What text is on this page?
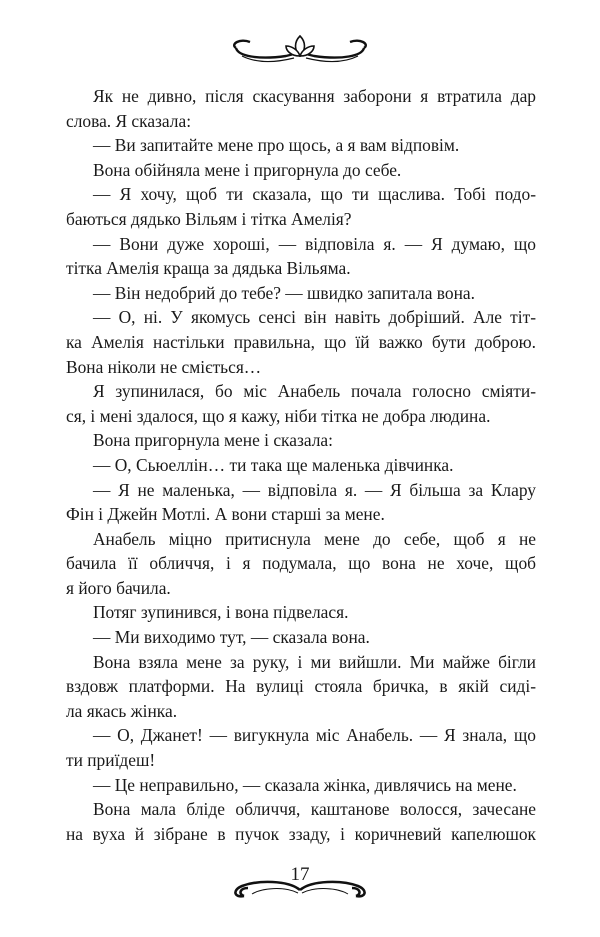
Як не дивно, після скасування заборони я втратила дар
слова. Я сказала:
— Ви запитайте мене про щось, а я вам відповім.
Вона обійняла мене і пригорнула до себе.
— Я хочу, щоб ти сказала, що ти щаслива. Тобі подо-
баються дядько Вільям і тітка Амелія?
— Вони дуже хороші, — відповіла я. — Я думаю, що
тітка Амелія краща за дядька Вільяма.
— Він недобрий до тебе? — швидко запитала вона.
— О, ні. У якомусь сенсі він навіть добріший. Але тіт-
ка Амелія настільки правильна, що їй важко бути доброю.
Вона ніколи не сміється…
Я зупинилася, бо міс Анабель почала голосно сміяти-
ся, і мені здалося, що я кажу, ніби тітка не добра людина.
Вона пригорнула мене і сказала:
— О, Сьюеллін… ти така ще маленька дівчинка.
— Я не маленька, — відповіла я. — Я більша за Клару
Фін і Джейн Мотлі. А вони старші за мене.
Анабель міцно притиснула мене до себе, щоб я не
бачила її обличчя, і я подумала, що вона не хоче, щоб
я його бачила.
Потяг зупинився, і вона підвелася.
— Ми виходимо тут, — сказала вона.
Вона взяла мене за руку, і ми вийшли. Ми майже бігли
вздовж платформи. На вулиці стояла бричка, в якій сиді-
ла якась жінка.
— О, Джанет! — вигукнула міс Анабель. — Я знала, що
ти приїдеш!
— Це неправильно, — сказала жінка, дивлячись на мене.
Вона мала бліде обличчя, каштанове волосся, зачесане
на вуха й зібране в пучок ззаду, і коричневий капелюшок
17
